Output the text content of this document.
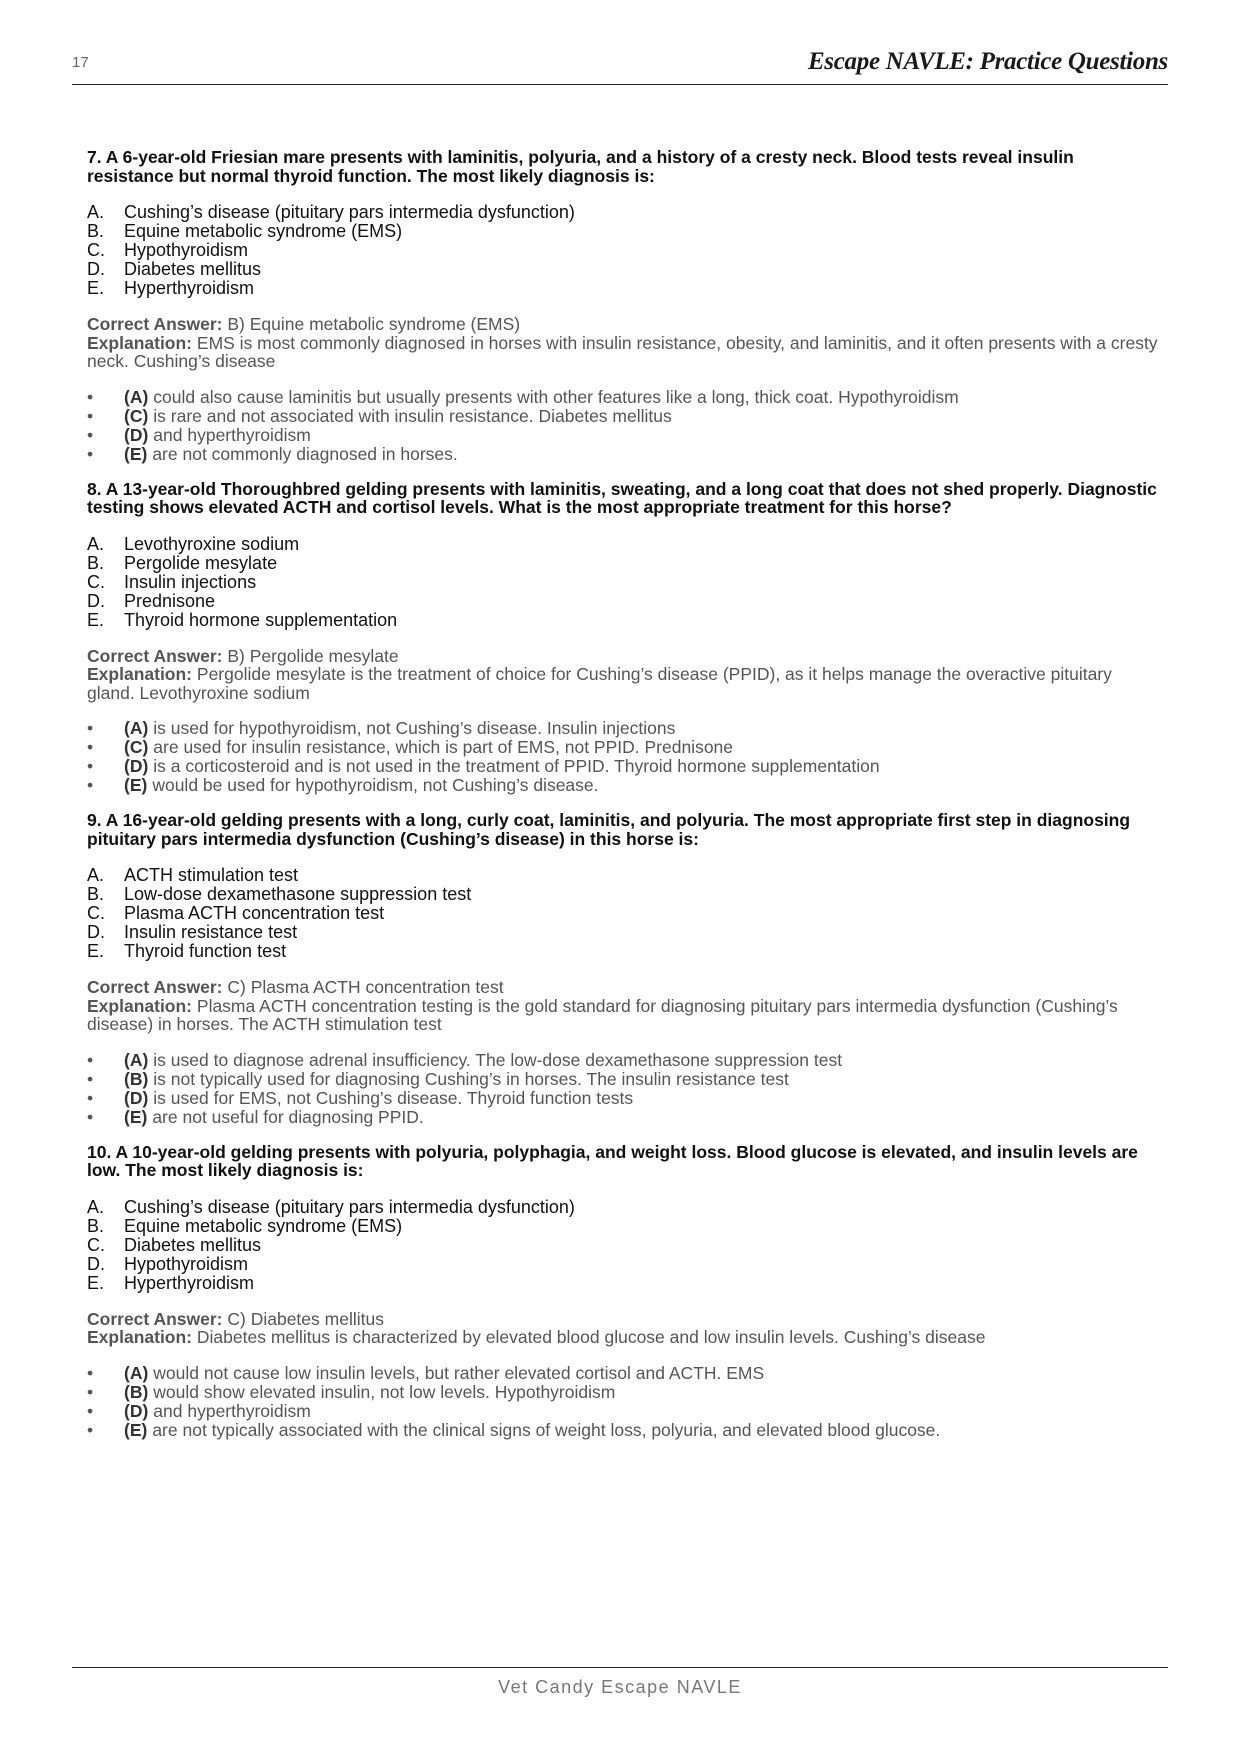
17	Escape NAVLE: Practice Questions

7. A 6-year-old Friesian mare presents with laminitis, polyuria, and a history of a cresty neck. Blood tests reveal insulin resistance but normal thyroid function. The most likely diagnosis is:

A.	Cushing’s disease (pituitary pars intermedia dysfunction)
B.	Equine metabolic syndrome (EMS)
C.	Hypothyroidism
D.	Diabetes mellitus
E.	Hyperthyroidism
Correct Answer: B) Equine metabolic syndrome (EMS)
Explanation: EMS is most commonly diagnosed in horses with insulin resistance, obesity, and laminitis, and it often presents with a cresty neck. Cushing’s disease
•	(A) could also cause laminitis but usually presents with other features like a long, thick coat. Hypothyroidism
•	(C) is rare and not associated with insulin resistance. Diabetes mellitus
•	(D) and hyperthyroidism
•	(E) are not commonly diagnosed in horses.

8. A 13-year-old Thoroughbred gelding presents with laminitis, sweating, and a long coat that does not shed properly. Diagnostic testing shows elevated ACTH and cortisol levels. What is the most appropriate treatment for this horse?

A.	Levothyroxine sodium
B.	Pergolide mesylate
C.	Insulin injections
D.	Prednisone
E.	Thyroid hormone supplementation
Correct Answer: B) Pergolide mesylate
Explanation: Pergolide mesylate is the treatment of choice for Cushing’s disease (PPID), as it helps manage the overactive pituitary gland. Levothyroxine sodium
•	(A) is used for hypothyroidism, not Cushing’s disease. Insulin injections
•	(C) are used for insulin resistance, which is part of EMS, not PPID. Prednisone
•	(D) is a corticosteroid and is not used in the treatment of PPID. Thyroid hormone supplementation
•	(E) would be used for hypothyroidism, not Cushing’s disease.

9. A 16-year-old gelding presents with a long, curly coat, laminitis, and polyuria. The most appropriate first step in diagnosing pituitary pars intermedia dysfunction (Cushing’s disease) in this horse is:

A.	ACTH stimulation test
B.	Low-dose dexamethasone suppression test
C.	Plasma ACTH concentration test
D.	Insulin resistance test
E.	Thyroid function test
Correct Answer: C) Plasma ACTH concentration test
Explanation: Plasma ACTH concentration testing is the gold standard for diagnosing pituitary pars intermedia dysfunction (Cushing’s disease) in horses. The ACTH stimulation test
•	(A) is used to diagnose adrenal insufficiency. The low-dose dexamethasone suppression test
•	(B) is not typically used for diagnosing Cushing’s in horses. The insulin resistance test
•	(D) is used for EMS, not Cushing’s disease. Thyroid function tests
•	(E) are not useful for diagnosing PPID.

10. A 10-year-old gelding presents with polyuria, polyphagia, and weight loss. Blood glucose is elevated, and insulin levels are low. The most likely diagnosis is:

A.	Cushing’s disease (pituitary pars intermedia dysfunction)
B.	Equine metabolic syndrome (EMS)
C.	Diabetes mellitus
D.	Hypothyroidism
E.	Hyperthyroidism
Correct Answer: C) Diabetes mellitus
Explanation: Diabetes mellitus is characterized by elevated blood glucose and low insulin levels. Cushing’s disease
•	(A) would not cause low insulin levels, but rather elevated cortisol and ACTH. EMS
•	(B) would show elevated insulin, not low levels. Hypothyroidism
•	(D) and hyperthyroidism
•	(E) are not typically associated with the clinical signs of weight loss, polyuria, and elevated blood glucose.
Vet Candy Escape NAVLE
